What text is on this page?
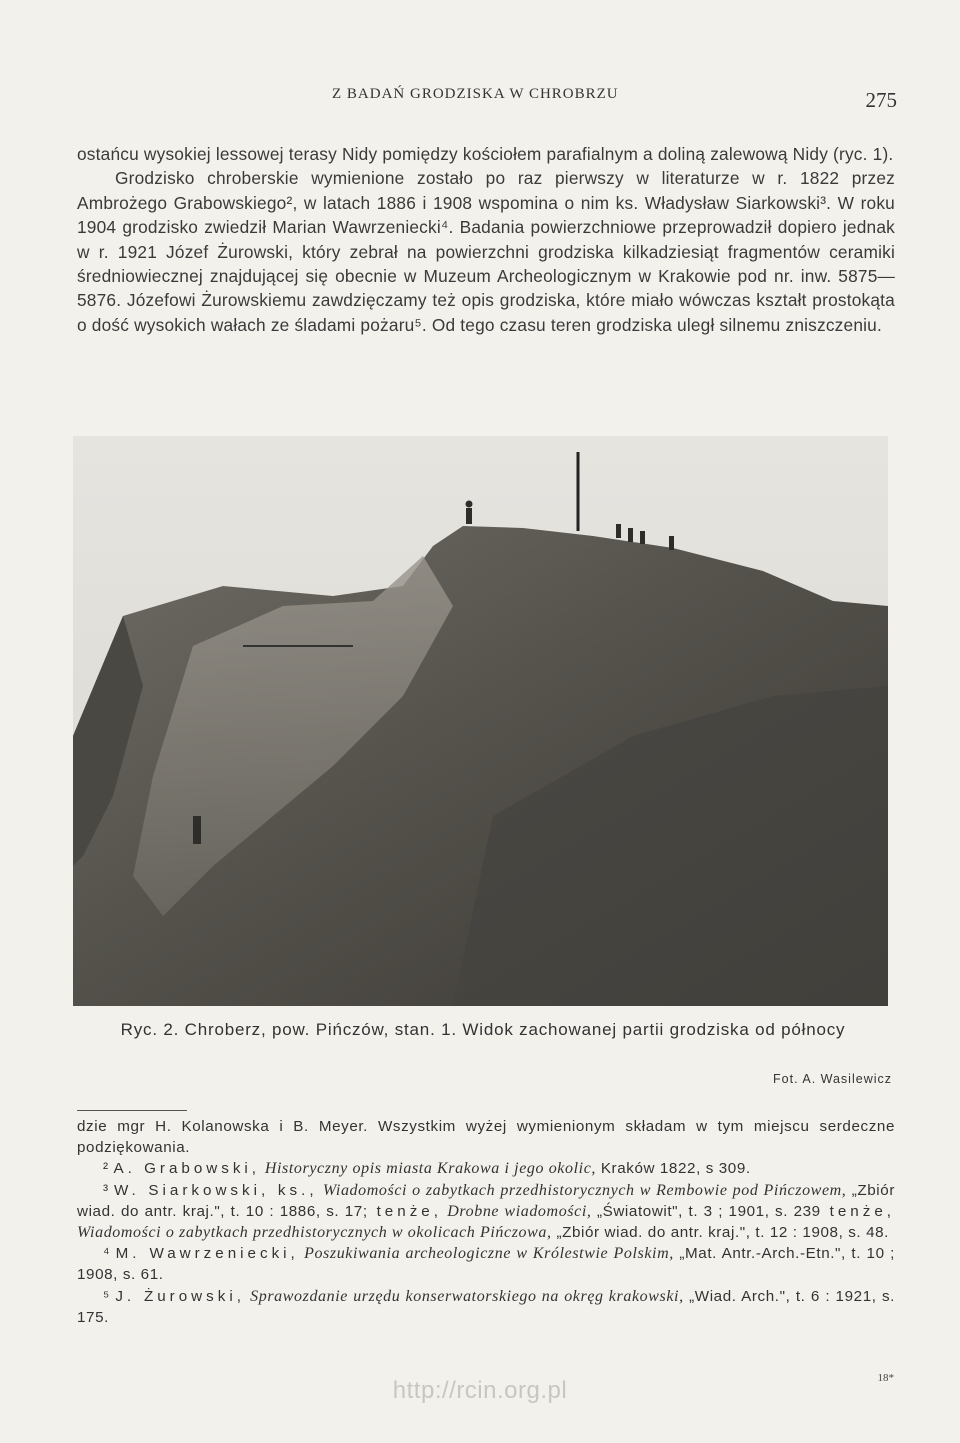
Z BADAŃ GRODZISKA W CHROBRZU	275

ostańcu wysokiej lessowej terasy Nidy pomiędzy kościołem parafialnym a doliną zalewową Nidy (ryc. 1).

Grodzisko chroberskie wymienione zostało po raz pierwszy w literaturze w r. 1822 przez Ambrożego Grabowskiego², w latach 1886 i 1908 wspomina o nim ks. Władysław Siarkowski³. W roku 1904 grodzisko zwiedził Marian Wawrzeniecki⁴. Badania powierzchniowe przeprowadził dopiero jednak w r. 1921 Józef Żurowski, który zebrał na powierzchni grodziska kilkadziesiąt fragmentów ceramiki średniowiecznej znajdującej się obecnie w Muzeum Archeologicznym w Krakowie pod nr. inw. 5875—5876. Józefowi Żurowskiemu zawdzięczamy też opis grodziska, które miało wówczas kształt prostokąta o dość wysokich wałach ze śladami pożaru⁵. Od tego czasu teren grodziska uległ silnemu zniszczeniu.

Ryc. 2. Chroberz, pow. Pińczów, stan. 1. Widok zachowanej partii grodziska od północy
Fot. A. Wasilewicz

dzie mgr H. Kolanowska i B. Meyer. Wszystkim wyżej wymienionym składam w tym miejscu serdeczne podziękowania.

² A. Grabowski, Historyczny opis miasta Krakowa i jego okolic, Kraków 1822, s 309.

³ W. Siarkowski, ks., Wiadomości o zabytkach przedhistorycznych w Rembowie pod Pińczowem, „Zbiór wiad. do antr. kraj.", t. 10 : 1886, s. 17; tenże, Drobne wiadomości, „Światowit", t. 3 ; 1901, s. 239 tenże, Wiadomości o zabytkach przedhistorycznych w okolicach Pińczowa, „Zbiór wiad. do antr. kraj.", t. 12 : 1908, s. 48.

⁴ M. Wawrzeniecki, Poszukiwania archeologiczne w Królestwie Polskim, „Mat. Antr.-Arch.-Etn.", t. 10 ; 1908, s. 61.

⁵ J. Żurowski, Sprawozdanie urzędu konserwatorskiego na okręg krakowski, „Wiad. Arch.", t. 6 : 1921, s. 175.

http://rcin.org.pl	18*
